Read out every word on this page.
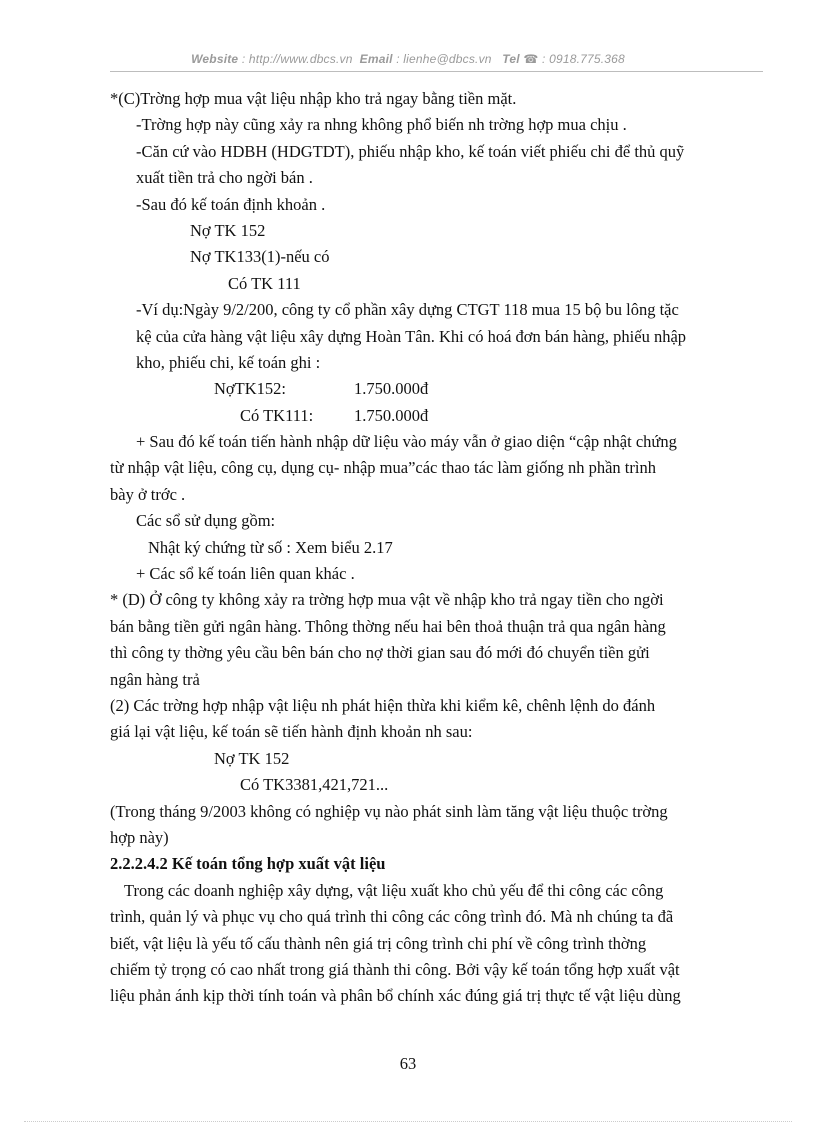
Website : http://www.dbcs.vn Email : lienhe@dbcs.vn Tel ☎ : 0918.775.368
*(C)Trờng hợp mua vật liệu nhập kho trả ngay bằng tiền mặt.
-Trờng hợp này cũng xảy ra nhng không phổ biến nh trờng hợp mua chịu .
-Căn cứ vào HDBH (HDGTDT), phiếu nhập kho, kế toán viết phiếu chi để thủ quỹ
xuất tiền trả cho ngời bán .
-Sau đó kế toán định khoản .
Nợ TK 152
Nợ TK133(1)-nếu có
Có TK 111
-Ví dụ:Ngày 9/2/200, công ty cổ phần xây dựng CTGT 118 mua 15 bộ bu lông tặc
kệ của cửa hàng vật liệu xây dựng Hoàn Tân. Khi có hoá đơn bán hàng, phiếu nhập
kho, phiếu chi, kế toán ghi :
NợTK152:	1.750.000đ
Có TK111: 1.750.000đ
+ Sau đó kế toán tiến hành nhập dữ liệu vào máy vẫn ở giao diện “cập nhật chứng
từ nhập vật liệu, công cụ, dụng cụ- nhập mua”các thao tác làm giống nh phần trình
bày ở trớc .
Các sổ sử dụng gồm:
Nhật ký chứng từ số : Xem biểu 2.17
+ Các sổ kế toán liên quan khác .
* (D) Ở công ty không xảy ra trờng hợp mua vật về nhập kho trả ngay tiền cho ngời
bán bằng tiền gửi ngân hàng. Thông thờng nếu hai bên thoả thuận trả qua ngân hàng
thì công ty thờng yêu cầu bên bán cho nợ thời gian sau đó mới đó chuyển tiền gửi
ngân hàng trả
(2) Các trờng hợp nhập vật liệu nh phát hiện thừa khi kiểm kê, chênh lệnh do đánh
giá lại vật liệu, kế toán sẽ tiến hành định khoản nh sau:
Nợ TK 152
Có TK3381,421,721...
(Trong tháng 9/2003 không có nghiệp vụ nào phát sinh làm tăng vật liệu thuộc trờng
hợp này)
2.2.2.4.2 Kế toán tổng hợp xuất vật liệu
Trong các doanh nghiệp xây dựng, vật liệu xuất kho chủ yếu để thi công các công
trình, quản lý và phục vụ cho quá trình thi công các công trình đó. Mà nh chúng ta đã
biết, vật liệu là yếu tố cấu thành nên giá trị công trình chi phí về công trình thờng
chiếm tỷ trọng có cao nhất trong giá thành thi công. Bởi vậy kế toán tổng hợp xuất vật
liệu phản ánh kịp thời tính toán và phân bổ chính xác đúng giá trị thực tế vật liệu dùng
63
